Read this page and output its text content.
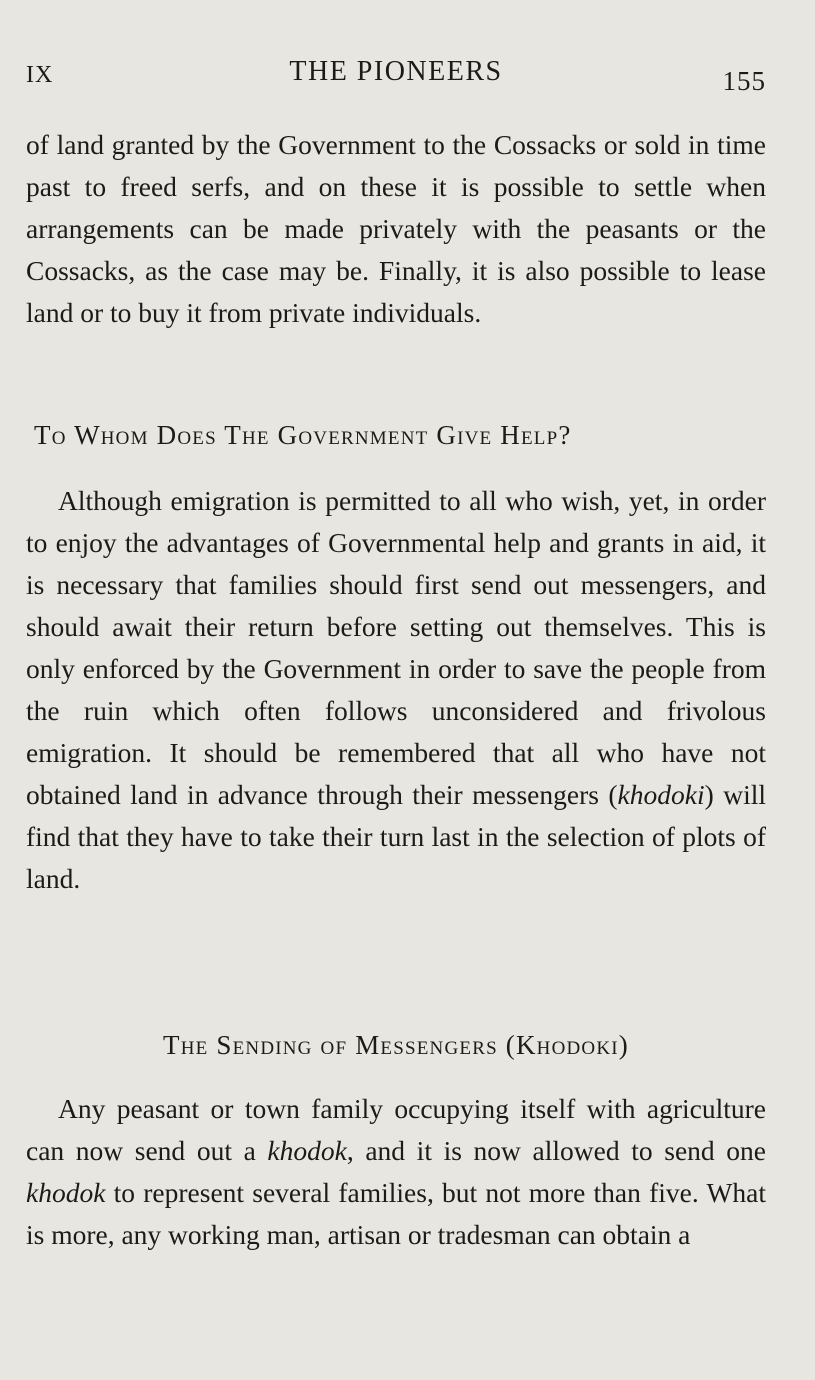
IX	THE PIONEERS	155

of land granted by the Government to the Cossacks or sold in time past to freed serfs, and on these it is possible to settle when arrangements can be made privately with the peasants or the Cossacks, as the case may be. Finally, it is also possible to lease land or to buy it from private individuals.

To Whom Does The Government Give Help?

Although emigration is permitted to all who wish, yet, in order to enjoy the advantages of Governmental help and grants in aid, it is necessary that families should first send out messengers, and should await their return before setting out themselves. This is only enforced by the Government in order to save the people from the ruin which often follows unconsidered and frivolous emigration. It should be remembered that all who have not obtained land in advance through their messengers (khodoki) will find that they have to take their turn last in the selection of plots of land.

The Sending of Messengers (Khodoki)

Any peasant or town family occupying itself with agriculture can now send out a khodok, and it is now allowed to send one khodok to represent several families, but not more than five. What is more, any working man, artisan or tradesman can obtain a
